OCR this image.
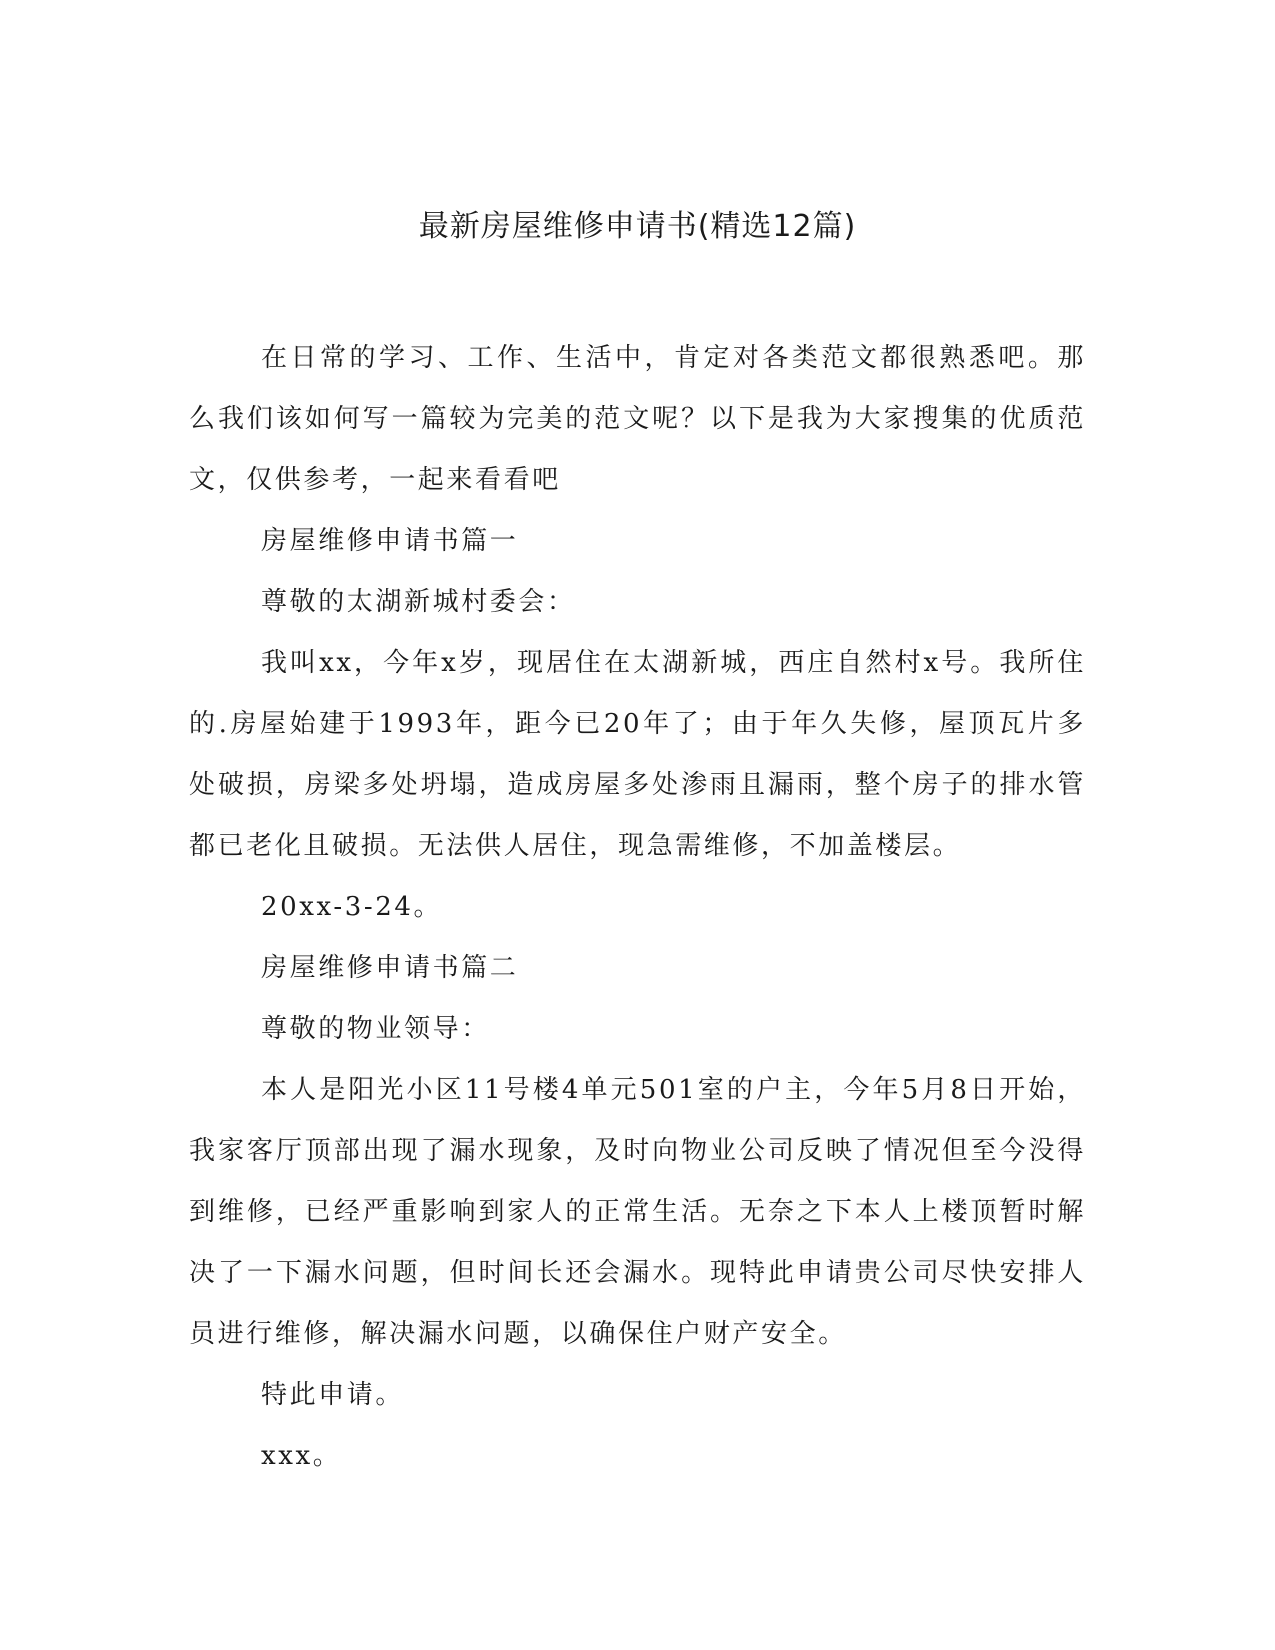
最新房屋维修申请书(精选12篇)

在日常的学习、工作、生活中，肯定对各类范文都很熟悉吧。那么我们该如何写一篇较为完美的范文呢？以下是我为大家搜集的优质范文，仅供参考，一起来看看吧

房屋维修申请书篇一

尊敬的太湖新城村委会：

我叫xx，今年x岁，现居住在太湖新城，西庄自然村x号。我所住的.房屋始建于1993年，距今已20年了；由于年久失修，屋顶瓦片多处破损，房梁多处坍塌，造成房屋多处渗雨且漏雨，整个房子的排水管都已老化且破损。无法供人居住，现急需维修，不加盖楼层。

20xx-3-24。

房屋维修申请书篇二

尊敬的物业领导：

本人是阳光小区11号楼4单元501室的户主，今年5月8日开始，我家客厅顶部出现了漏水现象，及时向物业公司反映了情况但至今没得到维修，已经严重影响到家人的正常生活。无奈之下本人上楼顶暂时解决了一下漏水问题，但时间长还会漏水。现特此申请贵公司尽快安排人员进行维修，解决漏水问题，以确保住户财产安全。

特此申请。

xxx。
